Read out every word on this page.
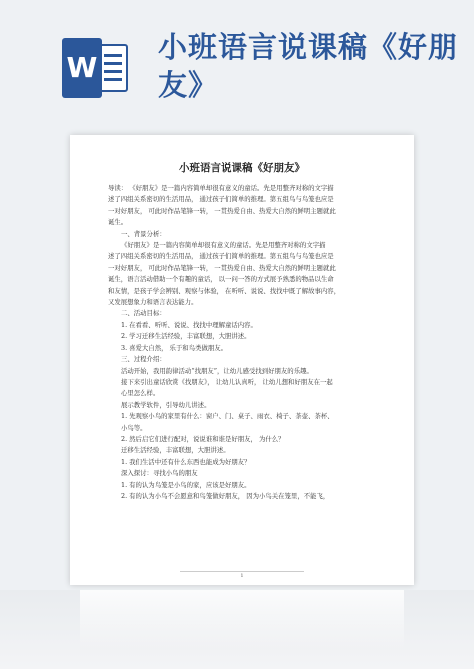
W
小班语言说课稿《好朋友》
小班语言说课稿《好朋友》

导读： 《好朋友》是一篇内容简单却很有意义的童话。先是用整齐对称的文字描

述了四组关系密切的生活用品， 通过孩子们简单的推理。第五组鸟与鸟笼也应是

一对好朋友， 可此时作品笔锋一转， 一贯热爱自由、热爱大自然的鲜明主题就此

诞生。

一、背景分析：

《好朋友》是一篇内容简单却很有意义的童话。先是用整齐对称的文字描

述了四组关系密切的生活用品， 通过孩子们简单的推理。第五组鸟与鸟笼也应是

一对好朋友， 可此时作品笔锋一转， 一贯热爱自由、热爱大自然的鲜明主题就此

诞生，语言活动借助一个有趣的童话， 以一问一答的方式展予熟悉的物品以生命

和友情，是孩子学会辨别、观察与体验， 在听听、说说、找找中既了解故事内容，

又发展想象力和语言表达能力。

二、活动目标：

1. 在看看、听听、说说、找找中理解童话内容。

2. 学习迁移生活经验，丰富联想，大胆讲述。

3. 喜爱大自然， 乐于和鸟类做朋友。

三、过程介绍：

活动开始，我用韵律活动“找朋友”，让幼儿感受找到好朋友的乐趣。

接下来引出童话欣赏《找朋友》， 让幼儿认真听， 让幼儿想和好朋友在一起

心里怎么样。

展示教学软件，引导幼儿讲述。

1. 先观察小鸟的家里有什么：窗户、门、桌子、雨衣、椅子、茶壶、茶杯、

小鸟等。

2. 然后启它们进行配对，说说谁和谁是好朋友， 为什么？

迁移生活经验，丰富联想，大胆讲述。

1. 我们生活中还有什么东西也能成为好朋友？

深入探讨：寻找小鸟的朋友

1. 有的认为鸟笼是小鸟的家，应该是好朋友。

2. 有的认为小鸟不会愿意和鸟笼做好朋友， 因为小鸟关在笼里，不能飞，

1
